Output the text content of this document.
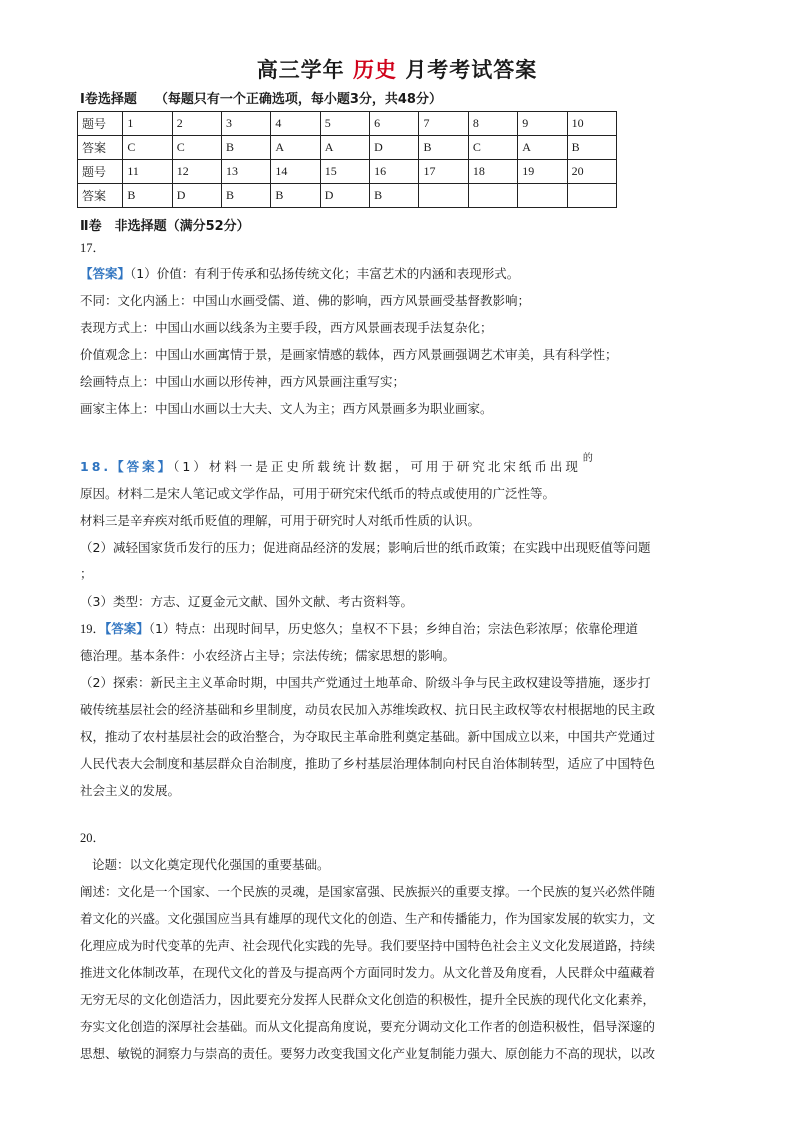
高三学年 历史 月考考试答案
Ⅰ卷选择题 （每题只有一个正确选项，每小题3分，共48分）
题号	1	2	3	4	5	6	7	8	9	10
答案	C	C	B	A	A	D	B	C	A	B
题号	11	12	13	14	15	16	17	18	19	20
答案	B	D	B	B	D	B				
Ⅱ卷　非选择题（满分52分）
17．
【答案】（1）价值：有利于传承和弘扬传统文化；丰富艺术的内涵和表现形式。
不同：文化内涵上：中国山水画受儒、道、佛的影响，西方风景画受基督教影响；
表现方式上：中国山水画以线条为主要手段，西方风景画表现手法复杂化；
价值观念上：中国山水画寓情于景，是画家情感的载体，西方风景画强调艺术审美，具有科学性；
绘画特点上：中国山水画以形传神，西方风景画注重写实；
画家主体上：中国山水画以士大夫、文人为主；西方风景画多为职业画家。
18.【答案】（1）材料一是正史所载统计数据，可用于研究北宋纸币出现$^的$
原因。材料二是宋人笔记或文学作品，可用于研究宋代纸币的特点或使用的广泛性等。
材料三是辛弃疾对纸币贬值的理解，可用于研究时人对纸币性质的认识。
（2）减轻国家货币发行的压力；促进商品经济的发展；影响后世的纸币政策；在实践中出现贬值等问题
；
（3）类型：方志、辽夏金元文献、国外文献、考古资料等。
19．【答案】（1）特点：出现时间早，历史悠久；皇权不下县；乡绅自治；宗法色彩浓厚；依靠伦理道
德治理。基本条件：小农经济占主导；宗法传统；儒家思想的影响。
（2）探索：新民主主义革命时期，中国共产党通过土地革命、阶级斗争与民主政权建设等措施，逐步打
破传统基层社会的经济基础和乡里制度，动员农民加入苏维埃政权、抗日民主政权等农村根据地的民主政
权，推动了农村基层社会的政治整合，为夺取民主革命胜利奠定基础。新中国成立以来，中国共产党通过
人民代表大会制度和基层群众自治制度，推助了乡村基层治理体制向村民自治体制转型，适应了中国特色
社会主义的发展。
20．
论题：以文化奠定现代化强国的重要基础。
阐述：文化是一个国家、一个民族的灵魂，是国家富强、民族振兴的重要支撑。一个民族的复兴必然伴随
着文化的兴盛。文化强国应当具有雄厚的现代文化的创造、生产和传播能力，作为国家发展的软实力，文
化理应成为时代变革的先声、社会现代化实践的先导。我们要坚持中国特色社会主义文化发展道路，持续
推进文化体制改革，在现代文化的普及与提高两个方面同时发力。从文化普及角度看，人民群众中蕴藏着
无穷无尽的文化创造活力，因此要充分发挥人民群众文化创造的积极性，提升全民族的现代化文化素养，
夯实文化创造的深厚社会基础。而从文化提高角度说，要充分调动文化工作者的创造积极性，倡导深邃的
思想、敏锐的洞察力与崇高的责任。要努力改变我国文化产业复制能力强大、原创能力不高的现状，以改
